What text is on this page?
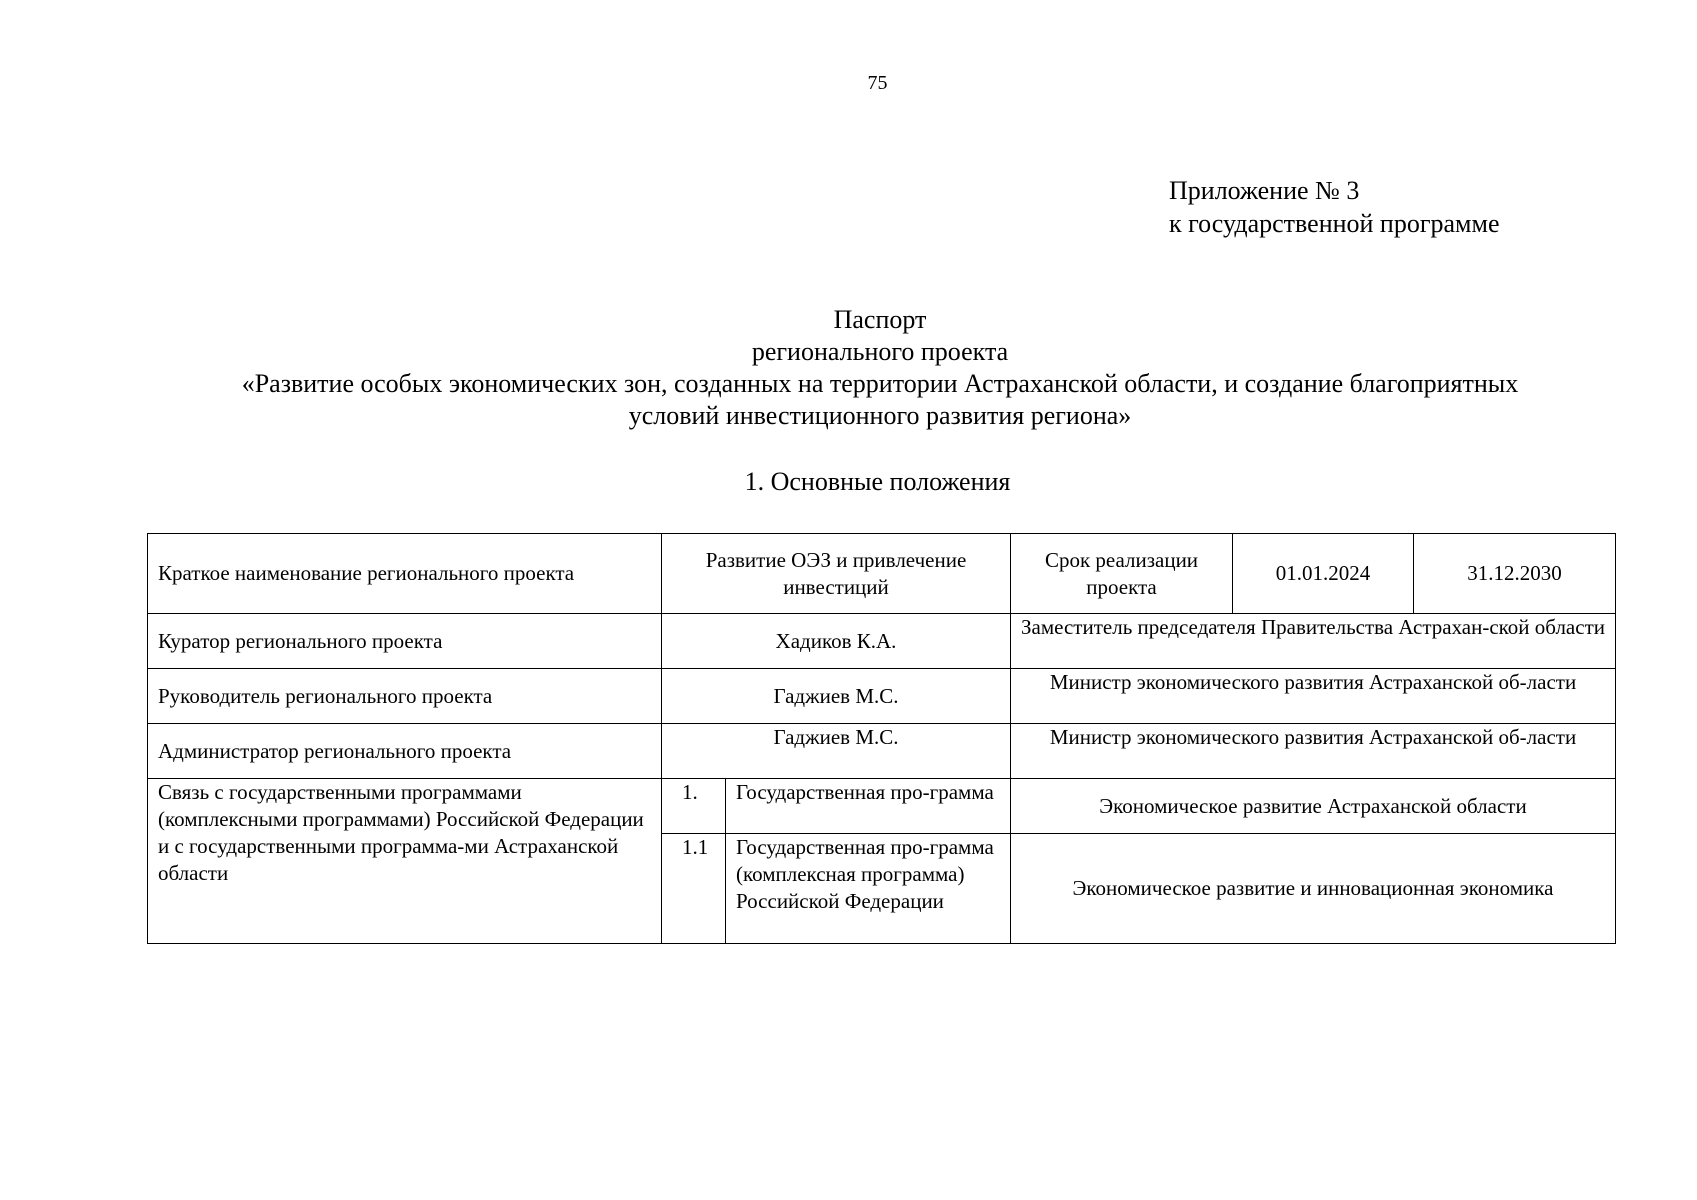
75
Приложение № 3
к государственной программе
Паспорт
регионального проекта
«Развитие особых экономических зон, созданных на территории Астраханской области, и создание благоприятных
условий инвестиционного развития региона»
1. Основные положения
Краткое наименование регионального проекта	Развитие ОЭЗ и привлечение инвестиций		Срок реализации проекта	01.01.2024	31.12.2030
Куратор регионального проекта	Хадиков К.А.		Заместитель председателя Правительства Астрахан-ской области		
Руководитель регионального проекта	Гаджиев М.С.		Министр экономического развития Астраханской об-ласти		
Администратор регионального проекта	Гаджиев М.С.		Министр экономического развития Астраханской об-ласти		
Связь с государственными программами (комплексными программами) Российской Федерации и с государственными программа-ми Астраханской области	1.	Государственная про-грамма	Экономическое развитие Астраханской области		
	1.1	Государственная про-грамма (комплексная программа) Российской Федерации	Экономическое развитие и инновационная экономика		
